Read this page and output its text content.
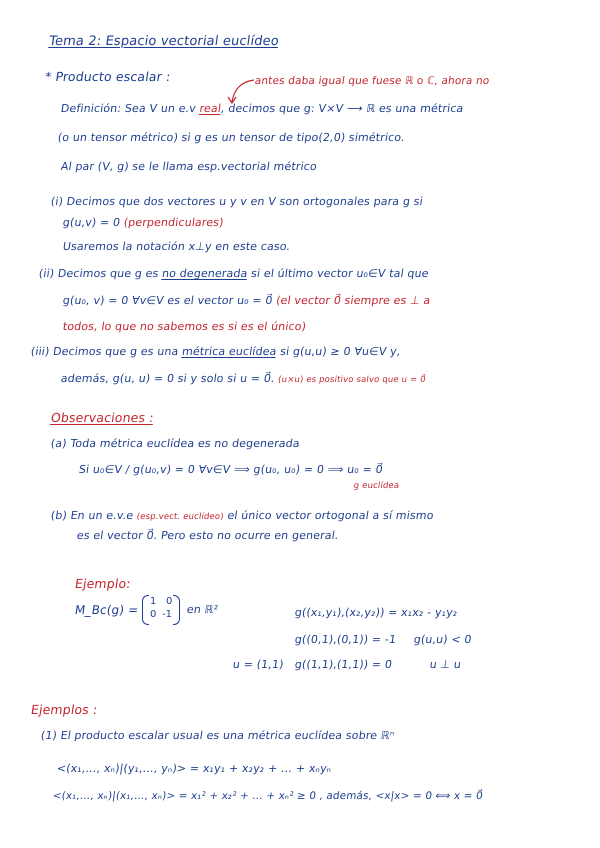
Tema 2: Espacio vectorial euclídeo
* Producto escalar :	antes daba igual que fuese ℝ o ℂ, ahora no
Definición: Sea V un e.v real, decimos que g: V×V ⟶ ℝ es una métrica
(o un tensor métrico) si g es un tensor de tipo(2,0) simétrico.
Al par (V, g) se le llama esp.vectorial métrico
(i) Decimos que dos vectores u y v en V son ortogonales para g si
g(u,v) = 0 (perpendiculares)
Usaremos la notación x⊥y en este caso.
(ii) Decimos que g es no degenerada si el último vector u₀∈V tal que
g(u₀, v) = 0 ∀v∈V es el vector u₀ = 0⃗ (el vector 0⃗ siempre es ⊥ a
todos, lo que no sabemos es si es el único)
(iii) Decimos que g es una métrica euclídea si g(u,u) ≥ 0 ∀u∈V y,
además, g(u, u) = 0 si y solo si u = 0⃗. (u×u) es positivo salvo que u = 0⃗
Observaciones :
(a) Toda métrica euclídea es no degenerada
Si u₀∈V / g(u₀,v) = 0 ∀v∈V ⟹ g(u₀, u₀) = 0 ⟹ u₀ = 0⃗
g euclídea
(b) En un e.v.e (esp.vect. euclídeo) el único vector ortogonal a sí mismo
es el vector 0⃗. Pero esto no ocurre en general.
Ejemplo:
M_Bc(g) =
1 0
0 -1 en ℝ²	g((x₁,y₁),(x₂,y₂)) = x₁x₂ - y₁y₂
g((0,1),(0,1)) = -1 g(u,u) < 0
u = (1,1) g((1,1),(1,1)) = 0	u ⊥ u
Ejemplos :
(1) El producto escalar usual es una métrica euclídea sobre ℝⁿ
<(x₁,…, xₙ)|(y₁,…, yₙ)> = x₁y₁ + x₂y₂ + … + xₙyₙ
<(x₁,…, xₙ)|(x₁,…, xₙ)> = x₁² + x₂² + … + xₙ² ≥ 0 , además, <x|x> = 0 ⟺ x = 0⃗
